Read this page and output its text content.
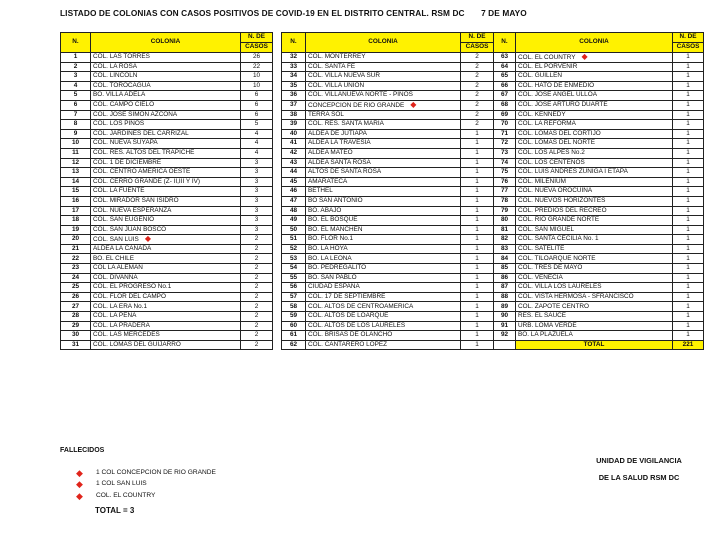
LISTADO DE COLONIAS CON CASOS POSITIVOS DE COVID-19 EN EL DISTRITO CENTRAL. RSM DC 7 DE MAYO
N.	COLONIA	N. DE
		CASOS
1	COL. LAS TORRES	26
2	COL. LA ROSA	22
3	COL. LINCOLN	10
4	COL. TOROCAGUA	10
5	BO. VILLA ADELA	6
6	COL. CAMPO CIELO	6
7	COL. JOSE SIMON AZCONA	6
8	COL. LOS PINOS	5
9	COL. JARDINES DEL CARRIZAL	4
10	COL. NUEVA SUYAPA	4
11	COL. RES. ALTOS DEL TRAPICHE	4
12	COL. 1 DE DICIEMBRE	3
13	COL. CENTRO AMERICA OESTE	3
14	COL. CERRO GRANDE (Z- II,III Y IV)	3
15	COL. LA FUENTE	3
16	COL. MIRADOR SAN ISIDRO	3
17	COL. NUEVA ESPERANZA	3
18	COL. SAN EUGENIO	3
19	COL. SAN JUAN BOSCO	3
20	COL. SAN LUIS ◆	2
21	ALDEA LA CAÑADA	2
22	BO. EL CHILE	2
23	COL LA ALEMAN	2
24	COL. DIVANNA	2
25	COL. EL PROGRESO No.1	2
26	COL. FLOR DEL CAMPO	2
27	COL. LA ERA No.1	2
28	COL. LA PEÑA	2
29	COL. LA PRADERA	2
30	COL. LAS MERCEDES	2
31	COL. LOMAS DEL GUIJARRO	2
N.	COLONIA	N. DE
		CASOS
32	COL. MONTERREY	2
33	COL. SANTA FE	2
34	COL. VILLA NUEVA SUR	2
35	COL. VILLA UNION	2
36	COL. VILLANUEVA NORTE - PINOS	2
37	CONCEPCION DE RIO GRANDE ◆	2
38	TERRA SOL	2
39	COL. RES. SANTA MARIA	2
40	ALDEA DE JUTIAPA	1
41	ALDEA LA TRAVESIA	1
42	ALDEA MATEO	1
43	ALDEA SANTA ROSA	1
44	ALTOS DE SANTA ROSA	1
45	AMARATECA	1
46	BETHEL	1
47	BO SAN ANTONIO	1
48	BO. ABAJO	1
49	BO. EL BOSQUE	1
50	BO. EL MANCHEN	1
51	BO. FLOR No.1	1
52	BO. LA HOYA	1
53	BO. LA LEONA	1
54	BO. PEDREGALITO	1
55	BO. SAN PABLO	1
56	CIUDAD ESPAÑA	1
57	COL. 17 DE SEPTIEMBRE	1
58	COL. ALTOS DE CENTROAMERICA	1
59	COL. ALTOS DE LOARQUE	1
60	COL. ALTOS DE LOS LAURELES	1
61	COL. BRISAS DE OLANCHO	1
62	COL. CANTARERO LOPEZ	1
N.	COLONIA	N. DE
		CASOS
63	COL. EL COUNTRY ◆	1
64	COL. EL PORVENIR	1
65	COL. GUILLEN	1
66	COL. HATO DE ENMEDIO	1
67	COL. JOSE ANGEL ULLOA	1
68	COL. JOSE ARTURO DUARTE	1
69	COL. KENNEDY	1
70	COL. LA REFORMA	1
71	COL. LOMAS DEL CORTIJO	1
72	COL. LOMAS DEL NORTE	1
73	COL. LOS ALPES No.2	1
74	COL. LOS CENTENOS	1
75	COL. LUIS ANDRES ZUNIGA I ETAPA	1
76	COL. MILENIUM	1
77	COL. NUEVA OROCUINA	1
78	COL. NUEVOS HORIZONTES	1
79	COL. PREDIOS DEL RECREO	1
80	COL. RIO GRANDE NORTE	1
81	COL. SAN MIGUEL	1
82	COL. SANTA CECILIA No. 1	1
83	COL. SATELITE	1
84	COL. TILOARQUE NORTE	1
85	COL. TRES DE MAYO	1
86	COL. VENECIA	1
87	COL. VILLA LOS LAURELES	1
88	COL. VISTA HERMOSA - SFRANCISCO	1
89	COL. ZAPOTE CENTRO	1
90	RES. EL SAUCE	1
91	URB. LOMA VERDE	1
92	BO. LA PLAZUELA	1
	TOTAL	221
FALLECIDOS
◆	1 COL CONCEPCION DE RIO GRANDE
◆	1 COL SAN LUIS
◆	COL. EL COUNTRY
TOTAL = 3
UNIDAD DE VIGILANCIA
DE LA SALUD RSM DC
